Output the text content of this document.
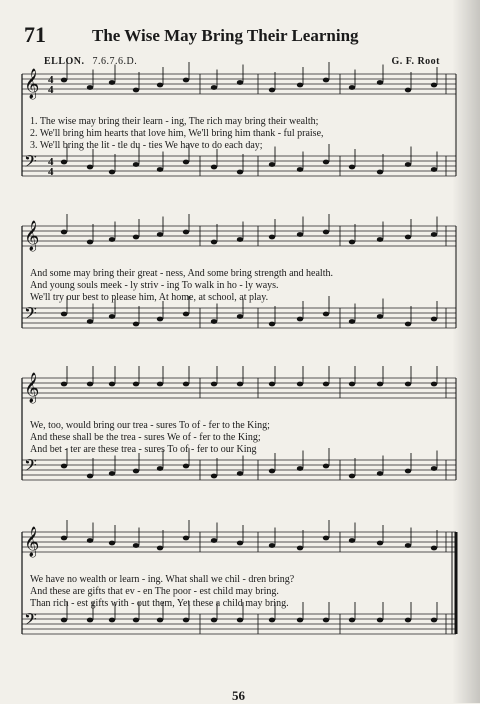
𝄞
𝄢
𝄞
𝄢
𝄞
𝄢
𝄞
𝄢
4
4
4
4
71	The Wise May Bring Their Learning
ELLON. 7.6.7.6.D.	G. F. Root
1. The wise may bring their learn - ing, The rich may bring their wealth;
2. We'll bring him hearts that love him, We'll bring him thank - ful praise,
3. We'll bring the lit - tle du - ties We have to do each day;
And some may bring their great - ness, And some bring strength and health.
And young souls meek - ly striv - ing To walk in ho - ly ways.
We'll try our best to please him, At home, at school, at play.
We, too, would bring our trea - sures To of - fer to the King;
And these shall be the trea - sures We of - fer to the King;
And bet - ter are these trea - sures To of - fer to our King
We have no wealth or learn - ing. What shall we chil - dren bring?
And these are gifts that ev - en The poor - est child may bring.
Than rich - est gifts with - out them, Yet these a child may bring.
56
